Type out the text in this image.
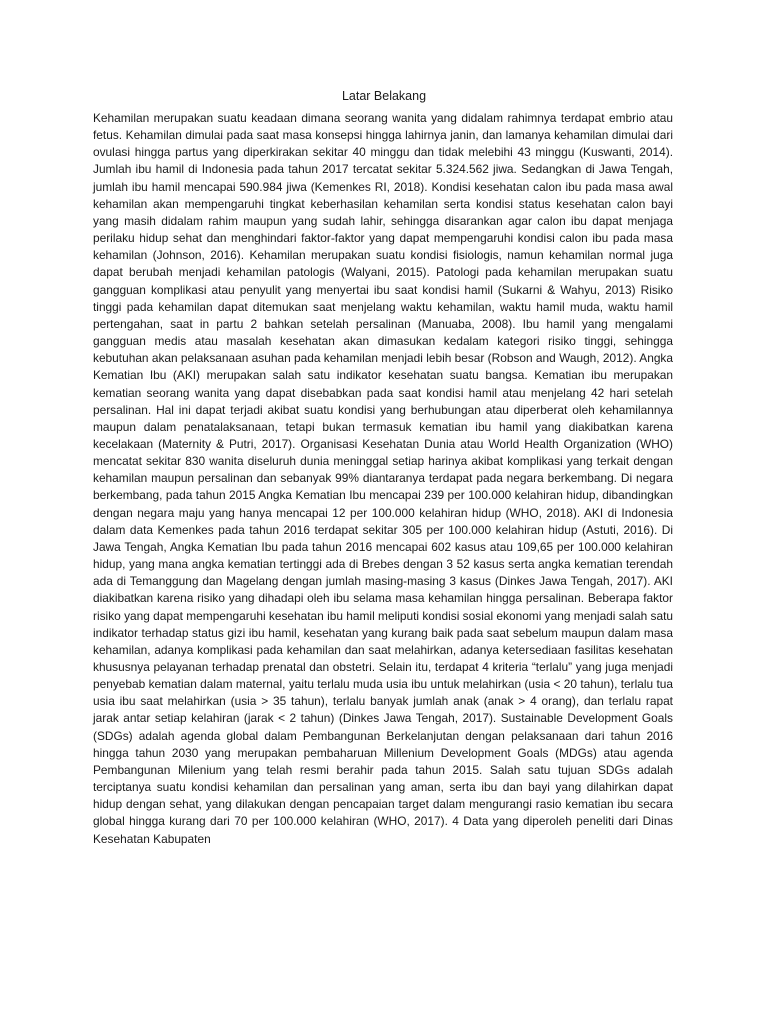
Latar Belakang

Kehamilan merupakan suatu keadaan dimana seorang wanita yang didalam rahimnya terdapat embrio atau fetus. Kehamilan dimulai pada saat masa konsepsi hingga lahirnya janin, dan lamanya kehamilan dimulai dari ovulasi hingga partus yang diperkirakan sekitar 40 minggu dan tidak melebihi 43 minggu (Kuswanti, 2014). Jumlah ibu hamil di Indonesia pada tahun 2017 tercatat sekitar 5.324.562 jiwa. Sedangkan di Jawa Tengah, jumlah ibu hamil mencapai 590.984 jiwa (Kemenkes RI, 2018). Kondisi kesehatan calon ibu pada masa awal kehamilan akan mempengaruhi tingkat keberhasilan kehamilan serta kondisi status kesehatan calon bayi yang masih didalam rahim maupun yang sudah lahir, sehingga disarankan agar calon ibu dapat menjaga perilaku hidup sehat dan menghindari faktor-faktor yang dapat mempengaruhi kondisi calon ibu pada masa kehamilan (Johnson, 2016). Kehamilan merupakan suatu kondisi fisiologis, namun kehamilan normal juga dapat berubah menjadi kehamilan patologis (Walyani, 2015). Patologi pada kehamilan merupakan suatu gangguan komplikasi atau penyulit yang menyertai ibu saat kondisi hamil (Sukarni & Wahyu, 2013) Risiko tinggi pada kehamilan dapat ditemukan saat menjelang waktu kehamilan, waktu hamil muda, waktu hamil pertengahan, saat in partu 2 bahkan setelah persalinan (Manuaba, 2008). Ibu hamil yang mengalami gangguan medis atau masalah kesehatan akan dimasukan kedalam kategori risiko tinggi, sehingga kebutuhan akan pelaksanaan asuhan pada kehamilan menjadi lebih besar (Robson and Waugh, 2012). Angka Kematian Ibu (AKI) merupakan salah satu indikator kesehatan suatu bangsa. Kematian ibu merupakan kematian seorang wanita yang dapat disebabkan pada saat kondisi hamil atau menjelang 42 hari setelah persalinan. Hal ini dapat terjadi akibat suatu kondisi yang berhubungan atau diperberat oleh kehamilannya maupun dalam penatalaksanaan, tetapi bukan termasuk kematian ibu hamil yang diakibatkan karena kecelakaan (Maternity & Putri, 2017). Organisasi Kesehatan Dunia atau World Health Organization (WHO) mencatat sekitar 830 wanita diseluruh dunia meninggal setiap harinya akibat komplikasi yang terkait dengan kehamilan maupun persalinan dan sebanyak 99% diantaranya terdapat pada negara berkembang. Di negara berkembang, pada tahun 2015 Angka Kematian Ibu mencapai 239 per 100.000 kelahiran hidup, dibandingkan dengan negara maju yang hanya mencapai 12 per 100.000 kelahiran hidup (WHO, 2018). AKI di Indonesia dalam data Kemenkes pada tahun 2016 terdapat sekitar 305 per 100.000 kelahiran hidup (Astuti, 2016). Di Jawa Tengah, Angka Kematian Ibu pada tahun 2016 mencapai 602 kasus atau 109,65 per 100.000 kelahiran hidup, yang mana angka kematian tertinggi ada di Brebes dengan 3 52 kasus serta angka kematian terendah ada di Temanggung dan Magelang dengan jumlah masing-masing 3 kasus (Dinkes Jawa Tengah, 2017). AKI diakibatkan karena risiko yang dihadapi oleh ibu selama masa kehamilan hingga persalinan. Beberapa faktor risiko yang dapat mempengaruhi kesehatan ibu hamil meliputi kondisi sosial ekonomi yang menjadi salah satu indikator terhadap status gizi ibu hamil, kesehatan yang kurang baik pada saat sebelum maupun dalam masa kehamilan, adanya komplikasi pada kehamilan dan saat melahirkan, adanya ketersediaan fasilitas kesehatan khususnya pelayanan terhadap prenatal dan obstetri. Selain itu, terdapat 4 kriteria “terlalu” yang juga menjadi penyebab kematian dalam maternal, yaitu terlalu muda usia ibu untuk melahirkan (usia < 20 tahun), terlalu tua usia ibu saat melahirkan (usia > 35 tahun), terlalu banyak jumlah anak (anak > 4 orang), dan terlalu rapat jarak antar setiap kelahiran (jarak < 2 tahun) (Dinkes Jawa Tengah, 2017). Sustainable Development Goals (SDGs) adalah agenda global dalam Pembangunan Berkelanjutan dengan pelaksanaan dari tahun 2016 hingga tahun 2030 yang merupakan pembaharuan Millenium Development Goals (MDGs) atau agenda Pembangunan Milenium yang telah resmi berahir pada tahun 2015. Salah satu tujuan SDGs adalah terciptanya suatu kondisi kehamilan dan persalinan yang aman, serta ibu dan bayi yang dilahirkan dapat hidup dengan sehat, yang dilakukan dengan pencapaian target dalam mengurangi rasio kematian ibu secara global hingga kurang dari 70 per 100.000 kelahiran (WHO, 2017). 4 Data yang diperoleh peneliti dari Dinas Kesehatan Kabupaten
